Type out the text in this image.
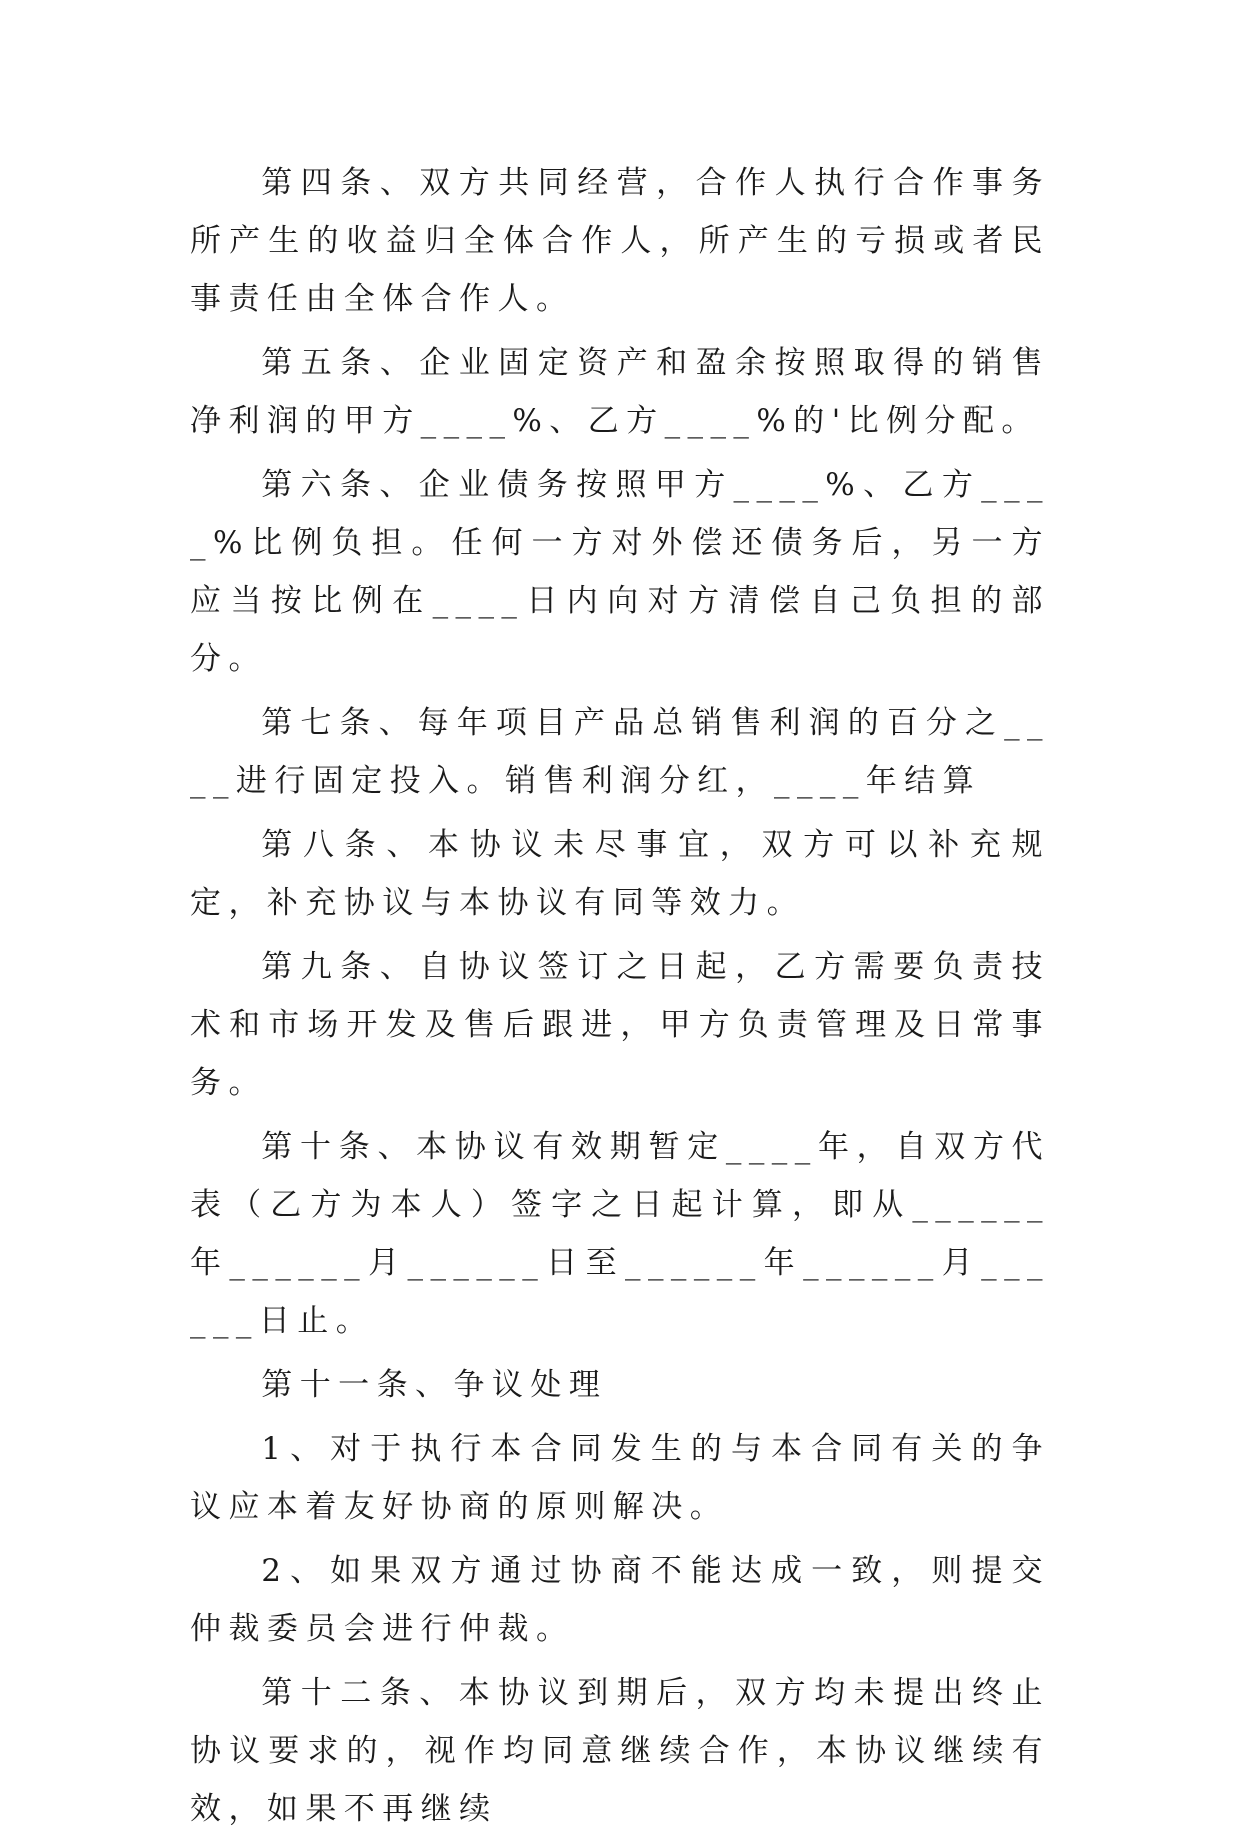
第四条、双方共同经营，合作人执行合作事务所产生的收益归全体合作人，所产生的亏损或者民事责任由全体合作人。

第五条、企业固定资产和盈余按照取得的销售净利润的甲方____%、乙方____%的'比例分配。

第六条、企业债务按照甲方____%、乙方____%比例负担。任何一方对外偿还债务后，另一方应当按比例在____日内向对方清偿自己负担的部分。

第七条、每年项目产品总销售利润的百分之____进行固定投入。销售利润分红，____年结算

第八条、本协议未尽事宜，双方可以补充规定，补充协议与本协议有同等效力。

第九条、自协议签订之日起，乙方需要负责技术和市场开发及售后跟进，甲方负责管理及日常事务。

第十条、本协议有效期暂定____年，自双方代表（乙方为本人）签字之日起计算，即从______年______月______日至______年______月______日止。

第十一条、争议处理

1、对于执行本合同发生的与本合同有关的争议应本着友好协商的原则解决。

2、如果双方通过协商不能达成一致，则提交仲裁委员会进行仲裁。

第十二条、本协议到期后，双方均未提出终止协议要求的，视作均同意继续合作，本协议继续有效，如果不再继续
